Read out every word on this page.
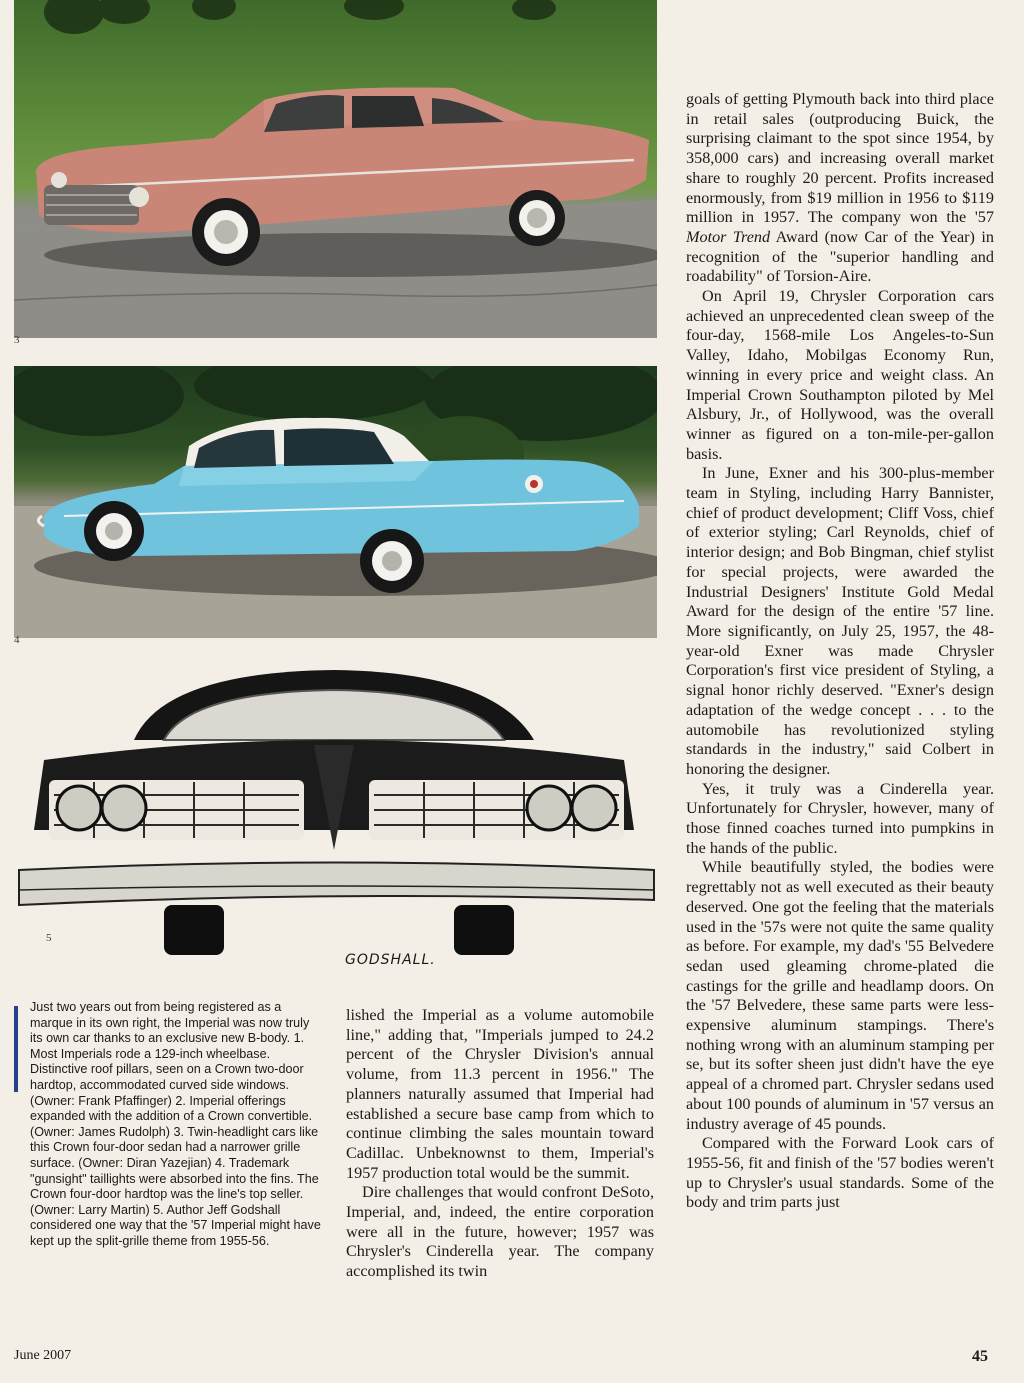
3
4
5
GODSHALL.
Just two years out from being registered as a marque in its own right, the Imperial was now truly its own car thanks to an exclusive new B-body. 1. Most Imperials rode a 129-inch wheelbase. Distinctive roof pillars, seen on a Crown two-door hardtop, accommodated curved side windows. (Owner: Frank Pfaffinger) 2. Imperial offerings expanded with the addition of a Crown convertible. (Owner: James Rudolph) 3. Twin-headlight cars like this Crown four-door sedan had a narrower grille surface. (Owner: Diran Yazejian) 4. Trademark "gunsight" taillights were absorbed into the fins. The Crown four-door hardtop was the line's top seller. (Owner: Larry Martin) 5. Author Jeff Godshall considered one way that the '57 Imperial might have kept up the split-grille theme from 1955-56.

lished the Imperial as a volume automobile line," adding that, "Imperials jumped to 24.2 percent of the Chrysler Division's annual volume, from 11.3 percent in 1956." The planners naturally assumed that Imperial had established a secure base camp from which to continue climbing the sales mountain toward Cadillac. Unbeknownst to them, Imperial's 1957 production total would be the summit.

Dire challenges that would confront DeSoto, Imperial, and, indeed, the entire corporation were all in the future, however; 1957 was Chrysler's Cinderella year. The company accomplished its twin

goals of getting Plymouth back into third place in retail sales (outproducing Buick, the surprising claimant to the spot since 1954, by 358,000 cars) and increasing overall market share to roughly 20 percent. Profits increased enormously, from $19 million in 1956 to $119 million in 1957. The company won the '57 Motor Trend Award (now Car of the Year) in recognition of the "superior handling and roadability" of Torsion-Aire.

On April 19, Chrysler Corporation cars achieved an unprecedented clean sweep of the four-day, 1568-mile Los Angeles-to-Sun Valley, Idaho, Mobilgas Economy Run, winning in every price and weight class. An Imperial Crown Southampton piloted by Mel Alsbury, Jr., of Hollywood, was the overall winner as figured on a ton-mile-per-gallon basis.

In June, Exner and his 300-plus-member team in Styling, including Harry Bannister, chief of product development; Cliff Voss, chief of exterior styling; Carl Reynolds, chief of interior design; and Bob Bingman, chief stylist for special projects, were awarded the Industrial Designers' Institute Gold Medal Award for the design of the entire '57 line. More significantly, on July 25, 1957, the 48-year-old Exner was made Chrysler Corporation's first vice president of Styling, a signal honor richly deserved. "Exner's design adaptation of the wedge concept . . . to the automobile has revolutionized styling standards in the industry," said Colbert in honoring the designer.

Yes, it truly was a Cinderella year. Unfortunately for Chrysler, however, many of those finned coaches turned into pumpkins in the hands of the public.

While beautifully styled, the bodies were regrettably not as well executed as their beauty deserved. One got the feeling that the materials used in the '57s were not quite the same quality as before. For example, my dad's '55 Belvedere sedan used gleaming chrome-plated die castings for the grille and headlamp doors. On the '57 Belvedere, these same parts were less-expensive aluminum stampings. There's nothing wrong with an aluminum stamping per se, but its softer sheen just didn't have the eye appeal of a chromed part. Chrysler sedans used about 100 pounds of aluminum in '57 versus an industry average of 45 pounds.

Compared with the Forward Look cars of 1955-56, fit and finish of the '57 bodies weren't up to Chrysler's usual standards. Some of the body and trim parts just

June 2007	45
